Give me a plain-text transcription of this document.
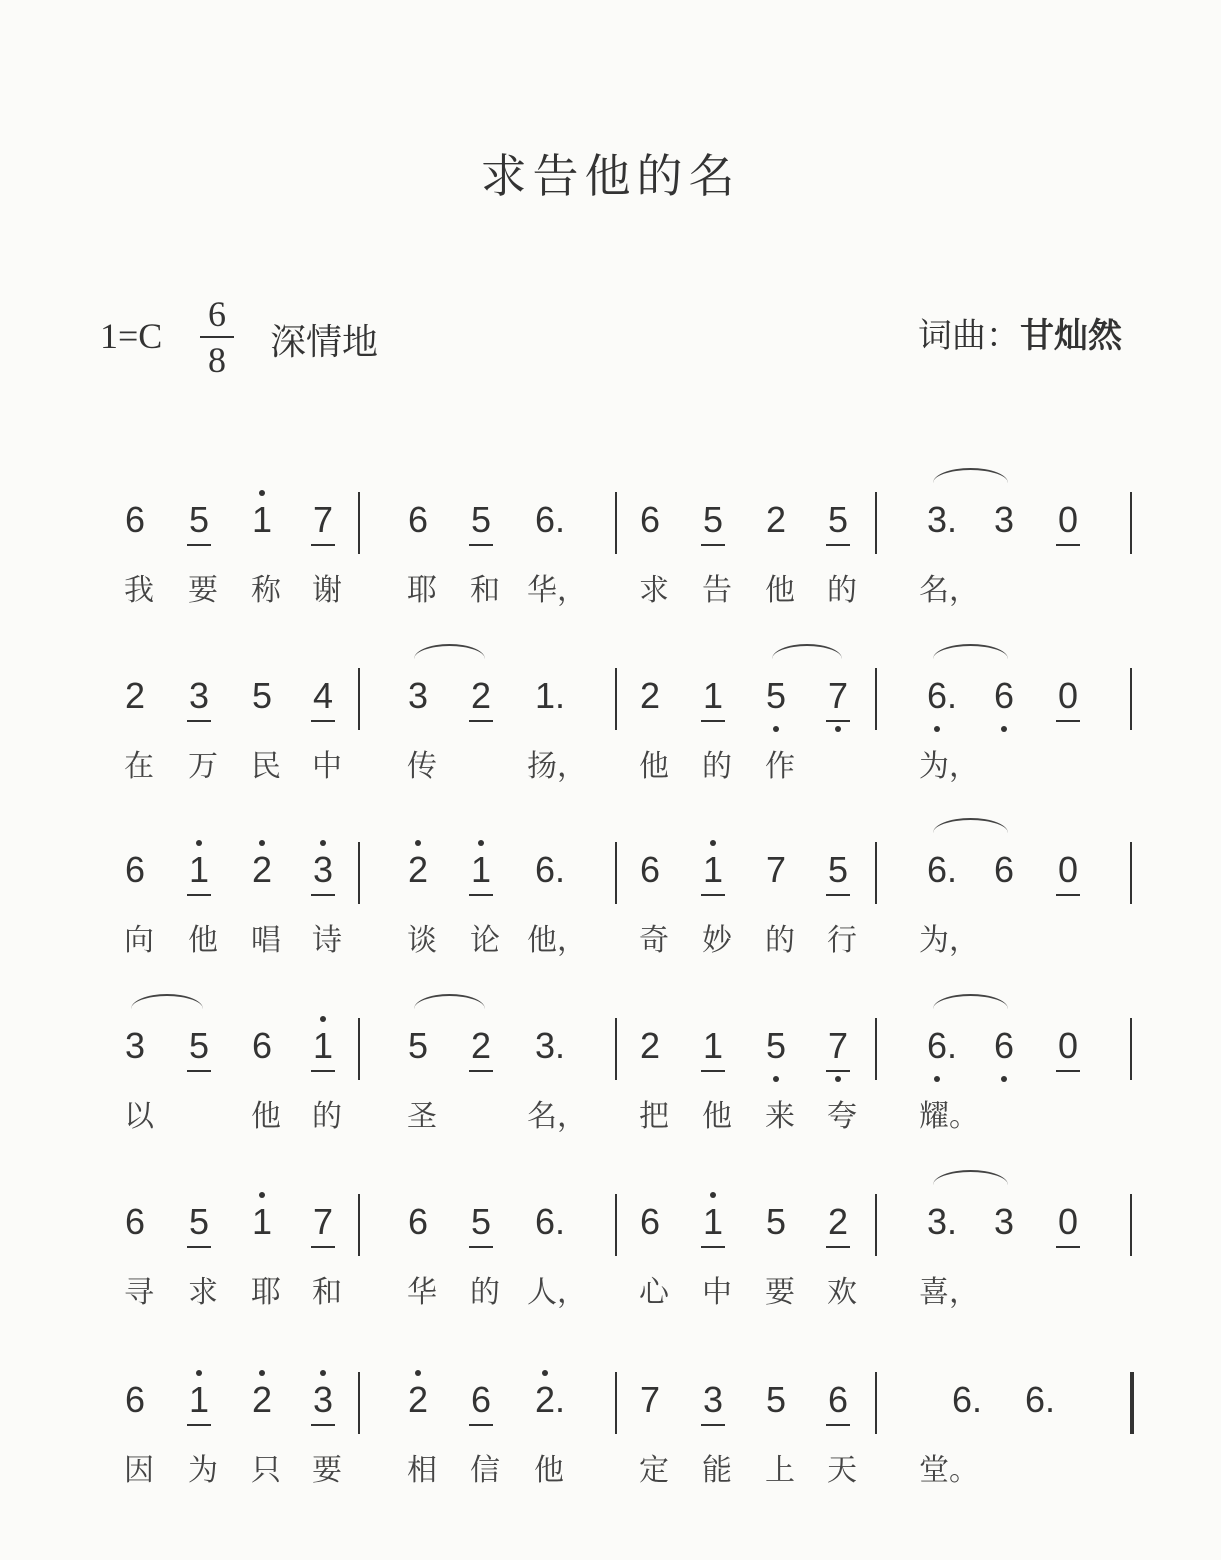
求告他的名
1=C
6
8 深情地	词曲：甘灿然
6 5 1 7 6 5 6 . 6 5 2 5 3 . 3 0
我 要 称 谢 耶 和 华， 求 告 他 的 名，
2 3 5 4 3 2 1 . 2 1 5 7 6 . 6 0
在 万 民 中 传	扬， 他 的 作	为，
6 1 2 3 2 1 6 . 6 1 7 5 6 . 6 0
向 他 唱 诗 谈 论 他， 奇 妙 的 行 为，
3 5 6 1 5 2 3 . 2 1 5 7 6 . 6 0
以	他 的 圣	名， 把 他 来 夸 耀。
6 5 1 7 6 5 6 . 6 1 5 2 3 . 3 0
寻 求 耶 和 华 的 人， 心 中 要 欢 喜，
6 1 2 3 2 6 2 . 7 3 5 6	6 . 6 .
因 为 只 要 相 信 他	定 能 上 天 堂。
